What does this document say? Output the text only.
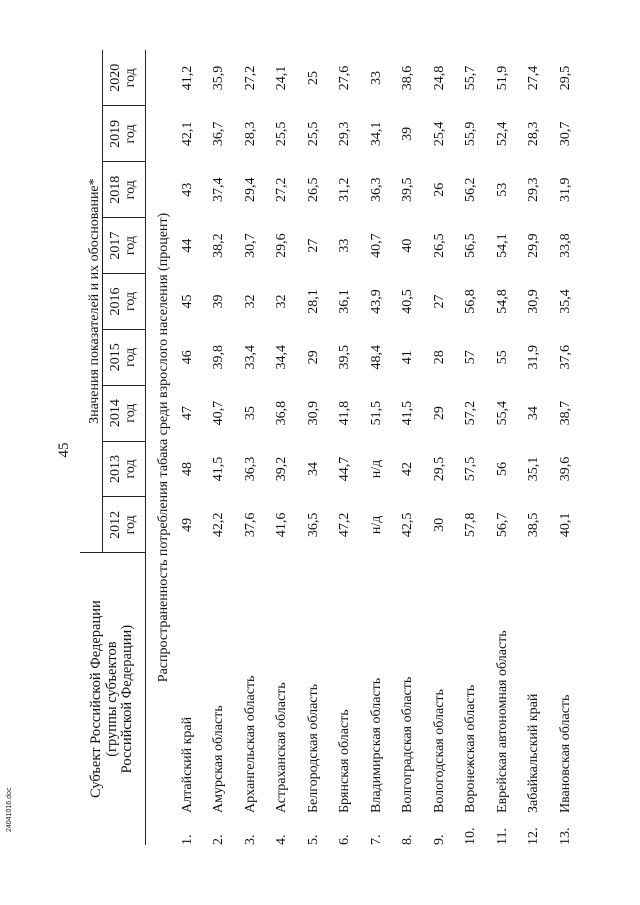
45
Субъект Российской Федерации (группы субъектов Российской Федерации)		Значения показателей и их обоснование*								

		2012 год	2013 год	2014 год	2015 год	2016 год	2017 год	2018 год	2019 год	2020 год

Распространенность потребления табака среди взрослого населения (процент)										
1.	Алтайский край	49	48	47	46	45	44	43	42,1	41,2
2.	Амурская область	42,2	41,5	40,7	39,8	39	38,2	37,4	36,7	35,9
3.	Архангельская область	37,6	36,3	35	33,4	32	30,7	29,4	28,3	27,2
4.	Астраханская область	41,6	39,2	36,8	34,4	32	29,6	27,2	25,5	24,1
5.	Белгородская область	36,5	34	30,9	29	28,1	27	26,5	25,5	25
6.	Брянская область	47,2	44,7	41,8	39,5	36,1	33	31,2	29,3	27,6
7.	Владимирская область	н/д	н/д	51,5	48,4	43,9	40,7	36,3	34,1	33
8.	Волгоградская область	42,5	42	41,5	41	40,5	40	39,5	39	38,6
9.	Вологодская область	30	29,5	29	28	27	26,5	26	25,4	24,8
10.	Воронежская область	57,8	57,5	57,2	57	56,8	56,5	56,2	55,9	55,7
11.	Еврейская автономная область	56,7	56	55,4	55	54,8	54,1	53	52,4	51,9
12.	Забайкальский край	38,5	35,1	34	31,9	30,9	29,9	29,3	28,3	27,4
13.	Ивановская область	40,1	39,6	38,7	37,6	35,4	33,8	31,9	30,7	29,5
24041016.doc
